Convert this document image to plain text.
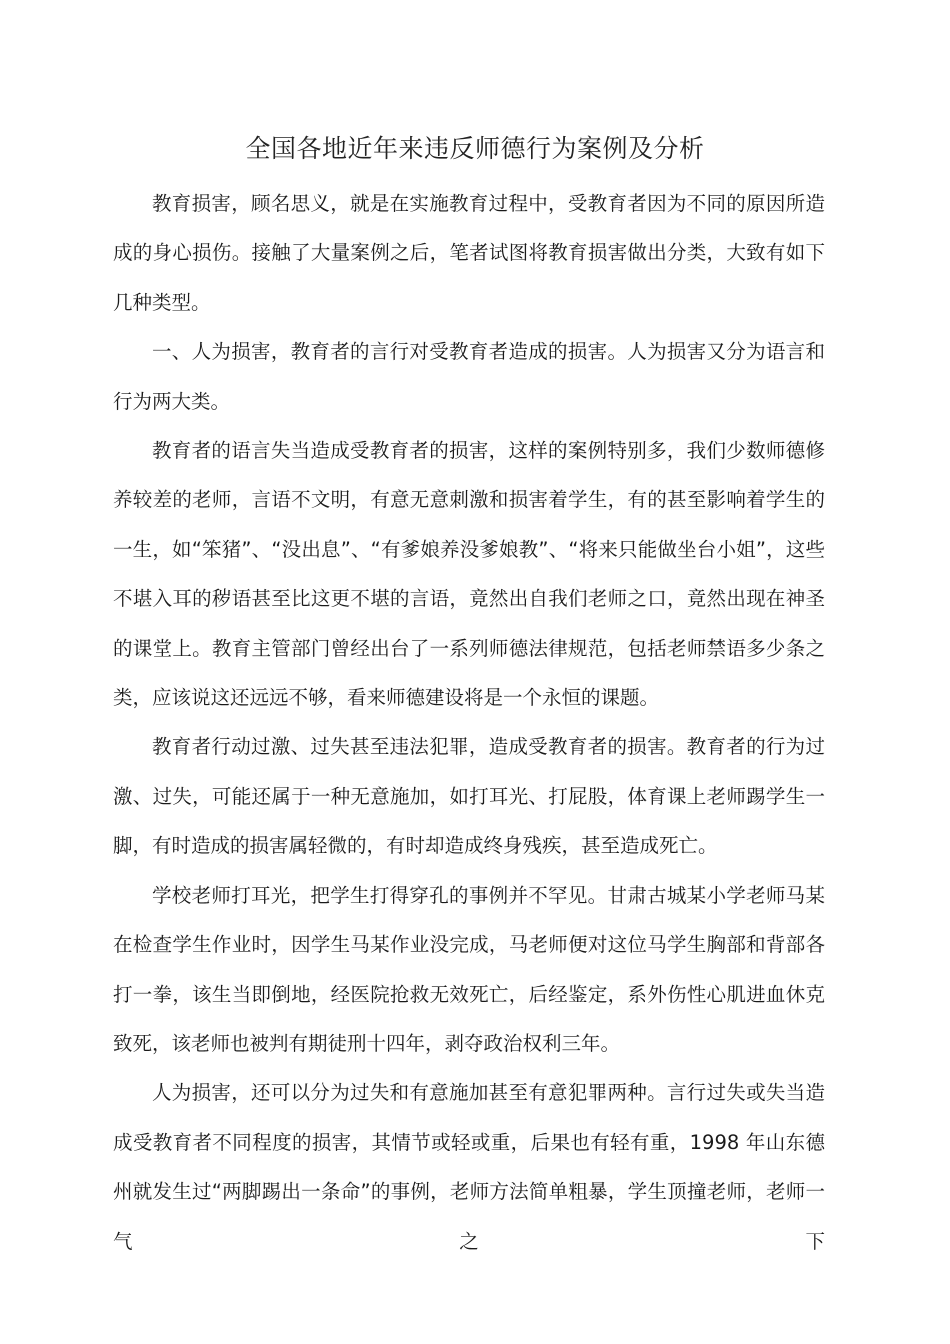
全国各地近年来违反师德行为案例及分析

教育损害，顾名思义，就是在实施教育过程中，受教育者因为不同的原因所造成的身心损伤。接触了大量案例之后，笔者试图将教育损害做出分类，大致有如下几种类型。

一、人为损害，教育者的言行对受教育者造成的损害。人为损害又分为语言和行为两大类。

教育者的语言失当造成受教育者的损害，这样的案例特别多，我们少数师德修养较差的老师，言语不文明，有意无意刺激和损害着学生，有的甚至影响着学生的一生，如“笨猪”、“没出息”、“有爹娘养没爹娘教”、“将来只能做坐台小姐”，这些不堪入耳的秽语甚至比这更不堪的言语，竟然出自我们老师之口，竟然出现在神圣的课堂上。教育主管部门曾经出台了一系列师德法律规范，包括老师禁语多少条之类，应该说这还远远不够，看来师德建设将是一个永恒的课题。

教育者行动过激、过失甚至违法犯罪，造成受教育者的损害。教育者的行为过激、过失，可能还属于一种无意施加，如打耳光、打屁股，体育课上老师踢学生一脚，有时造成的损害属轻微的，有时却造成终身残疾，甚至造成死亡。

学校老师打耳光，把学生打得穿孔的事例并不罕见。甘肃古城某小学老师马某在检查学生作业时，因学生马某作业没完成，马老师便对这位马学生胸部和背部各打一拳，该生当即倒地，经医院抢救无效死亡，后经鉴定，系外伤性心肌进血休克致死，该老师也被判有期徒刑十四年，剥夺政治权利三年。

人为损害，还可以分为过失和有意施加甚至有意犯罪两种。言行过失或失当造成受教育者不同程度的损害，其情节或轻或重，后果也有轻有重，1998 年山东德州就发生过“两脚踢出一条命”的事例，老师方法简单粗暴，学生顶撞老师，老师一气之下
